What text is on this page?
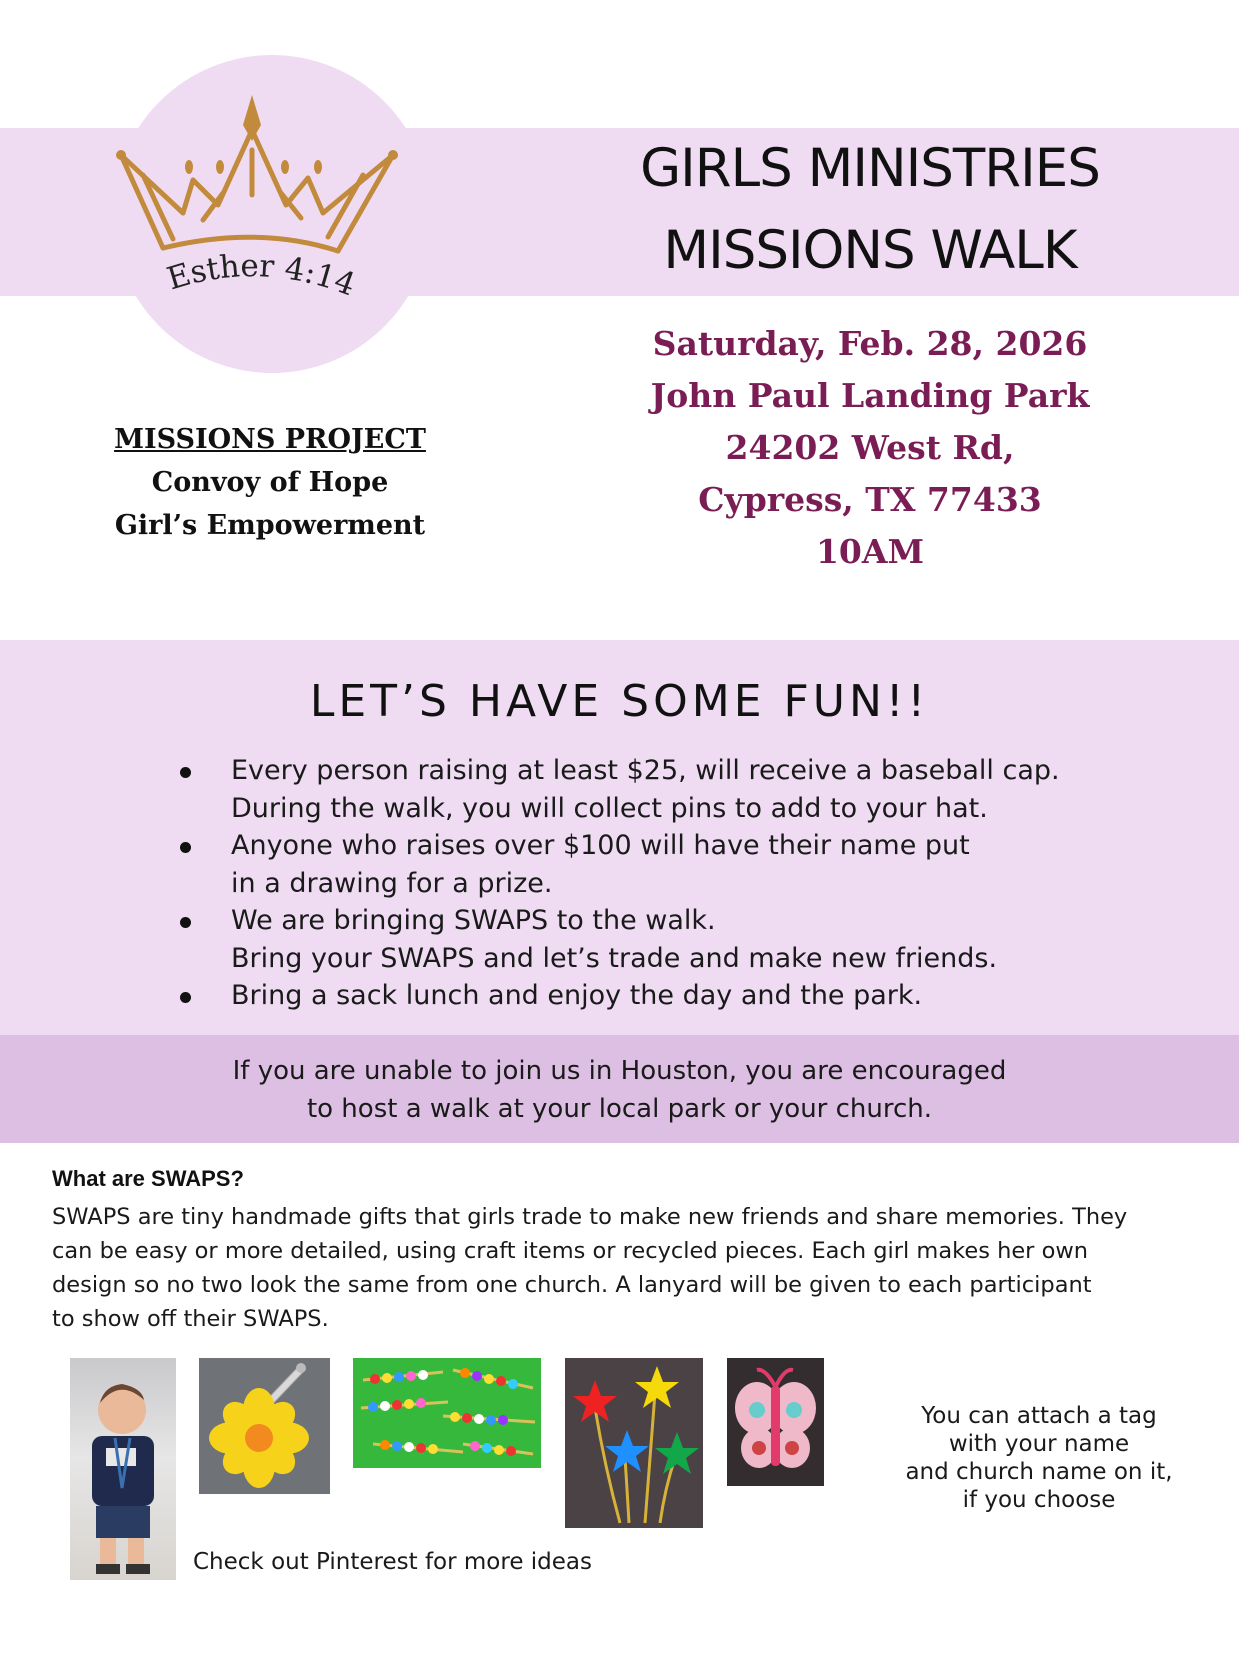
Esther 4:14
GIRLS MINISTRIES
MISSIONS WALK
Saturday, Feb. 28, 2026
John Paul Landing Park
24202 West Rd,
Cypress, TX 77433
10AM
MISSIONS PROJECT
Convoy of Hope
Girl’s Empowerment
LET’S HAVE SOME FUN!!
Every person raising at least $25, will receive a baseball cap.
During the walk, you will collect pins to add to your hat.
Anyone who raises over $100 will have their name put
in a drawing for a prize.
We are bringing SWAPS to the walk.
Bring your SWAPS and let’s trade and make new friends.
Bring a sack lunch and enjoy the day and the park.
If you are unable to join us in Houston, you are encouraged
to host a walk at your local park or your church.
What are SWAPS?
SWAPS are tiny handmade gifts that girls trade to make new friends and share memories. They
can be easy or more detailed, using craft items or recycled pieces. Each girl makes her own
design so no two look the same from one church. A lanyard will be given to each participant
to show off their SWAPS.
Check out Pinterest for more ideas
You can attach a tag
with your name
and church name on it,
if you choose
